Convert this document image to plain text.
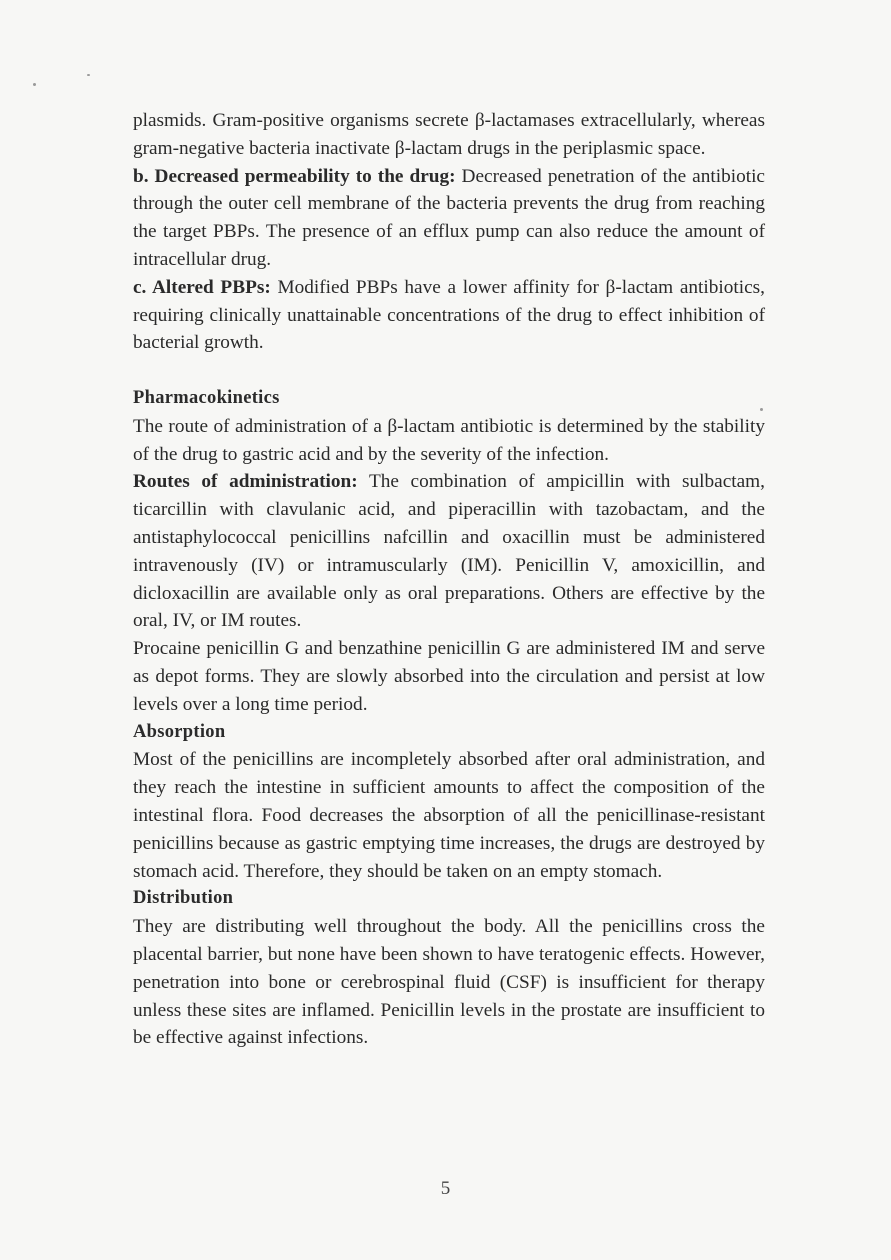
plasmids. Gram-positive organisms secrete β-lactamases extracellularly, whereas gram-negative bacteria inactivate β-lactam drugs in the periplasmic space.

b. Decreased permeability to the drug: Decreased penetration of the antibiotic through the outer cell membrane of the bacteria prevents the drug from reaching the target PBPs. The presence of an efflux pump can also reduce the amount of intracellular drug.

c. Altered PBPs: Modified PBPs have a lower affinity for β-lactam antibiotics, requiring clinically unattainable concentrations of the drug to effect inhibition of bacterial growth.

Pharmacokinetics

The route of administration of a β-lactam antibiotic is determined by the stability of the drug to gastric acid and by the severity of the infection.

Routes of administration: The combination of ampicillin with sulbactam, ticarcillin with clavulanic acid, and piperacillin with tazobactam, and the antistaphylococcal penicillins nafcillin and oxacillin must be administered intravenously (IV) or intramuscularly (IM). Penicillin V, amoxicillin, and dicloxacillin are available only as oral preparations. Others are effective by the oral, IV, or IM routes.

Procaine penicillin G and benzathine penicillin G are administered IM and serve as depot forms. They are slowly absorbed into the circulation and persist at low levels over a long time period.

Absorption

Most of the penicillins are incompletely absorbed after oral administration, and they reach the intestine in sufficient amounts to affect the composition of the intestinal flora. Food decreases the absorption of all the penicillinase-resistant penicillins because as gastric emptying time increases, the drugs are destroyed by stomach acid. Therefore, they should be taken on an empty stomach.

Distribution

They are distributing well throughout the body. All the penicillins cross the placental barrier, but none have been shown to have teratogenic effects. However, penetration into bone or cerebrospinal fluid (CSF) is insufficient for therapy unless these sites are inflamed. Penicillin levels in the prostate are insufficient to be effective against infections.

5
